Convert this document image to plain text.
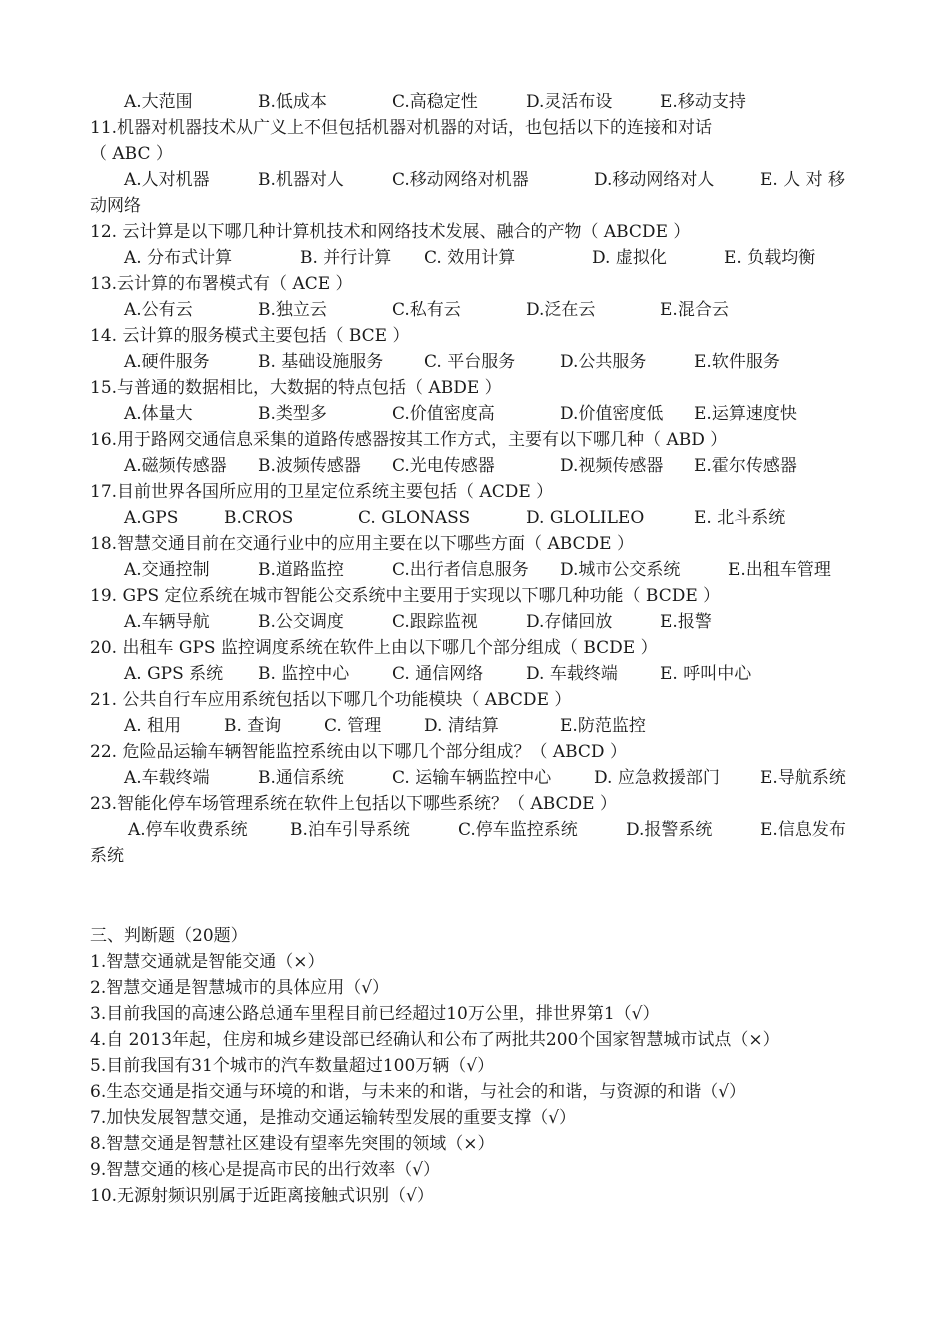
A.大范围	B.低成本	C.高稳定性	D.灵活布设	E.移动支持
11.机器对机器技术从广义上不但包括机器对机器的对话，也包括以下的连接和对话
（ ABC ）
A.人对机器	B.机器对人	C.移动网络对机器	D.移动网络对人	E. 人 对 移
动网络
12. 云计算是以下哪几种计算机技术和网络技术发展、融合的产物（ ABCDE ）
A. 分布式计算	B. 并行计算 C. 效用计算	D. 虚拟化	E. 负载均衡
13.云计算的布署模式有（ ACE ）
A.公有云	B.独立云	C.私有云	D.泛在云	E.混合云
14. 云计算的服务模式主要包括（ BCE ）
A.硬件服务	B. 基础设施服务 C. 平台服务	D.公共服务	E.软件服务
15.与普通的数据相比，大数据的特点包括（ ABDE ）
A.体量大	B.类型多	C.价值密度高	D.价值密度低 E.运算速度快
16.用于路网交通信息采集的道路传感器按其工作方式，主要有以下哪几种（ ABD ）
A.磁频传感器 B.波频传感器 C.光电传感器	D.视频传感器 E.霍尔传感器
17.目前世界各国所应用的卫星定位系统主要包括（ ACDE ）
A.GPS	B.CROS	C. GLONASS	D. GLOLILEO	E. 北斗系统
18.智慧交通目前在交通行业中的应用主要在以下哪些方面（ ABCDE ）
A.交通控制	B.道路监控	C.出行者信息服务 D.城市公交系统	E.出租车管理
19. GPS 定位系统在城市智能公交系统中主要用于实现以下哪几种功能（ BCDE ）
A.车辆导航	B.公交调度	C.跟踪监视	D.存储回放	E.报警
20. 出租车 GPS 监控调度系统在软件上由以下哪几个部分组成（ BCDE ）
A. GPS 系统 B. 监控中心	C. 通信网络	D. 车载终端 E. 呼叫中心
21. 公共自行车应用系统包括以下哪几个功能模块（ ABCDE ）
A. 租用	B. 查询	C. 管理	D. 清结算	E.防范监控
22. 危险品运输车辆智能监控系统由以下哪几个部分组成？（ ABCD ）
A.车载终端	B.通信系统	C. 运输车辆监控中心	D. 应急救援部门 E.导航系统
23.智能化停车场管理系统在软件上包括以下哪些系统？（ ABCDE ）
A.停车收费系统 B.泊车引导系统	C.停车监控系统	D.报警系统	E.信息发布
系统
三、判断题（20题）
1.智慧交通就是智能交通（×）
2.智慧交通是智慧城市的具体应用（√）
3.目前我国的高速公路总通车里程目前已经超过10万公里，排世界第1（√）
4.自 2013年起，住房和城乡建设部已经确认和公布了两批共200个国家智慧城市试点（×）
5.目前我国有31个城市的汽车数量超过100万辆（√）
6.生态交通是指交通与环境的和谐，与未来的和谐，与社会的和谐，与资源的和谐（√）
7.加快发展智慧交通，是推动交通运输转型发展的重要支撑（√）
8.智慧交通是智慧社区建设有望率先突围的领域（×）
9.智慧交通的核心是提高市民的出行效率（√）
10.无源射频识别属于近距离接触式识别（√）
